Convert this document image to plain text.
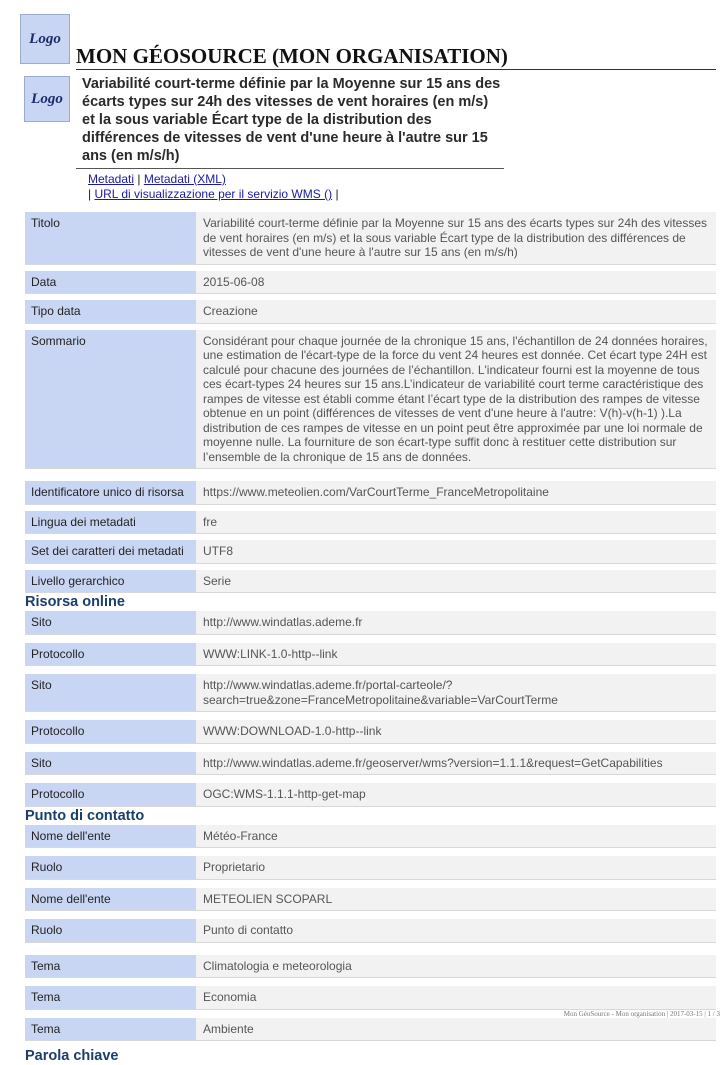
Logo
MON GÉOSOURCE (MON ORGANISATION)
Logo
Variabilité court-terme définie par la Moyenne sur 15 ans des écarts types sur 24h des vitesses de vent horaires (en m/s) et la sous variable Écart type de la distribution des différences de vitesses de vent d'une heure à l'autre sur 15 ans (en m/s/h)
Metadati | Metadati (XML)
| URL di visualizzazione per il servizio WMS () |
Titolo	Variabilité court-terme définie par la Moyenne sur 15 ans des écarts types sur 24h des vitesses de vent horaires (en m/s) et la sous variable Écart type de la distribution des différences de vitesses de vent d'une heure à l'autre sur 15 ans (en m/s/h)
Data	2015-06-08
Tipo data	Creazione
Sommario	Considérant pour chaque journée de la chronique 15 ans, l'échantillon de 24 données horaires, une estimation de l'écart-type de la force du vent 24 heures est donnée. Cet écart type 24H est calculé pour chacune des journées de l’échantillon. L'indicateur fourni est la moyenne de tous ces écart-types 24 heures sur 15 ans.L’indicateur de variabilité court terme caractéristique des rampes de vitesse est établi comme étant l’écart type de la distribution des rampes de vitesse obtenue en un point (différences de vitesses de vent d'une heure à l'autre: V(h)-v(h-1) ).La distribution de ces rampes de vitesse en un point peut être approximée par une loi normale de moyenne nulle. La fourniture de son écart-type suffit donc à restituer cette distribution sur l’ensemble de la chronique de 15 ans de données.
Identificatore unico di risorsa	https://www.meteolien.com/VarCourtTerme_FranceMetropolitaine
Lingua dei metadati	fre
Set dei caratteri dei metadati	UTF8
Livello gerarchico	Serie
Risorsa online
Sito	http://www.windatlas.ademe.fr
Protocollo	WWW:LINK-1.0-http--link
Sito	http://www.windatlas.ademe.fr/portal-carteole/?search=true&zone=FranceMetropolitaine&variable=VarCourtTerme
Protocollo	WWW:DOWNLOAD-1.0-http--link
Sito	http://www.windatlas.ademe.fr/geoserver/wms?version=1.1.1&request=GetCapabilities
Protocollo	OGC:WMS-1.1.1-http-get-map
Punto di contatto
Nome dell'ente	Météo-France
Ruolo	Proprietario
Nome dell'ente	METEOLIEN SCOPARL
Ruolo	Punto di contatto
Tema	Climatologia e meteorologia
Tema	Economia
Tema	Ambiente
Parola chiave
Mon GéoSource - Mon organisation | 2017-03-15 | 1 / 3
